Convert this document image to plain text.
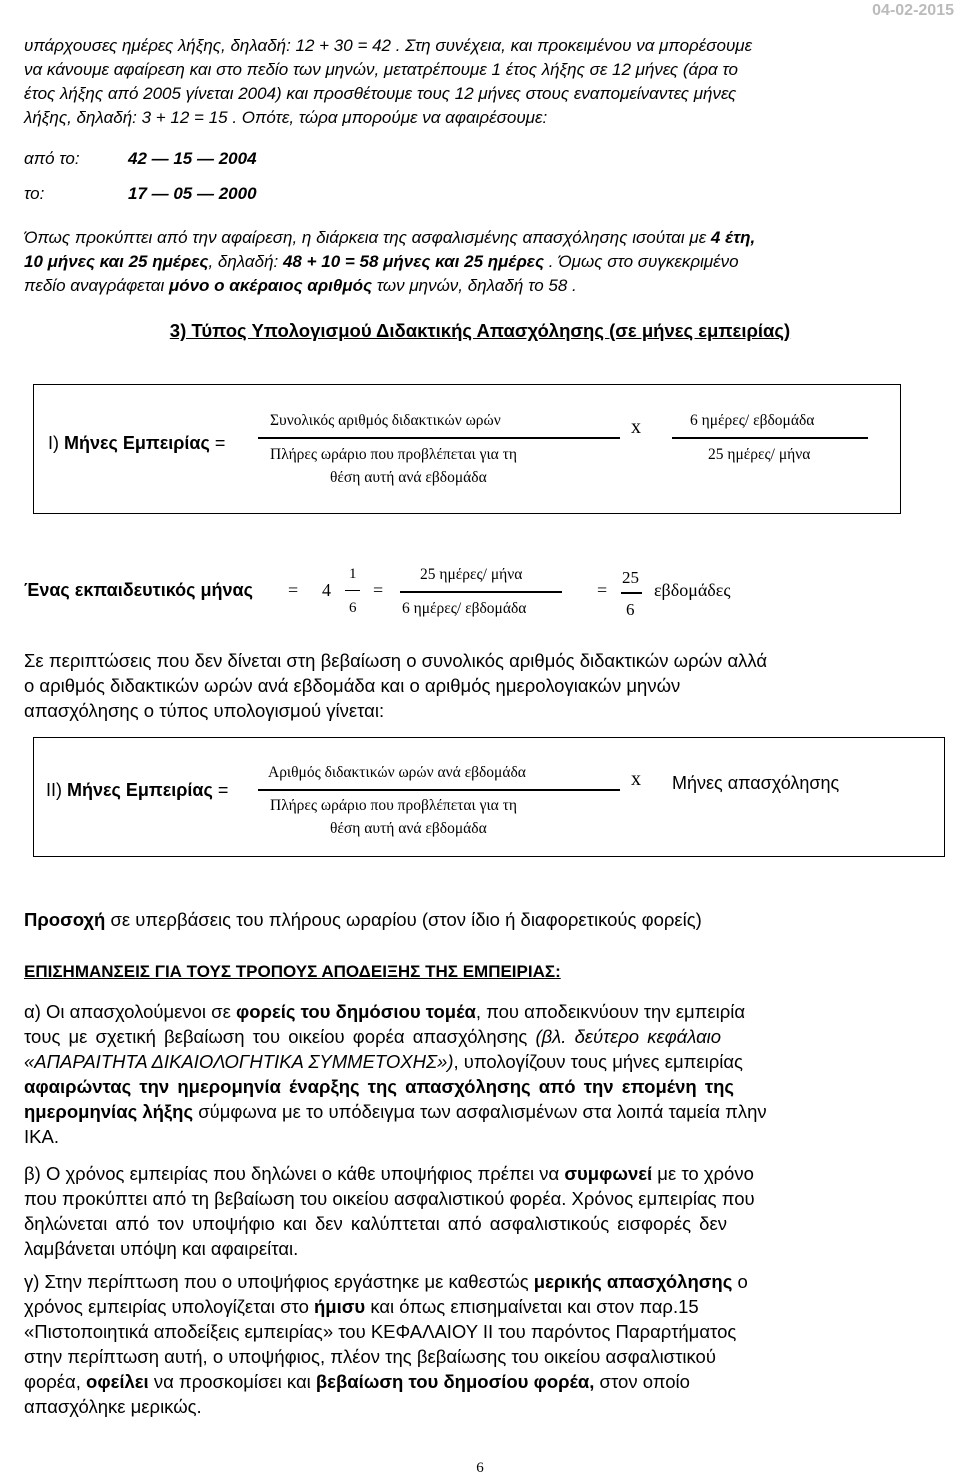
04-02-2015
υπάρχουσες ημέρες λήξης, δηλαδή: 12 + 30 = 42 . Στη συνέχεια, και προκειμένου να μπορέσουμε
να κάνουμε αφαίρεση και στο πεδίο των μηνών, μετατρέπουμε 1 έτος λήξης σε 12 μήνες (άρα το
έτος λήξης από 2005 γίνεται 2004) και προσθέτουμε τους 12 μήνες στους εναπομείναντες μήνες
λήξης, δηλαδή: 3 + 12 = 15 . Οπότε, τώρα μπορούμε να αφαιρέσουμε:
από το:	42 — 15 — 2004
το:	17 — 05 — 2000
Όπως προκύπτει από την αφαίρεση, η διάρκεια της ασφαλισμένης απασχόλησης ισούται με 4 έτη,
10 μήνες και 25 ημέρες, δηλαδή: 48 + 10 = 58 μήνες και 25 ημέρες . Όμως στο συγκεκριμένο
πεδίο αναγράφεται μόνο ο ακέραιος αριθμός των μηνών, δηλαδή το 58 .
3) Τύπος Υπολογισμού Διδακτικής Απασχόλησης (σε μήνες εμπειρίας)
Ι) Μήνες Εμπειρίας =
Συνολικός αριθμός διδακτικών ωρών
Πλήρες ωράριο που προβλέπεται για τη
θέση αυτή ανά εβδομάδα
x	6 ημέρες/ εβδομάδα
25 ημέρες/ μήνα
Ένας εκπαιδευτικός μήνας = 4
1
6
=
25 ημέρες/ μήνα
6 ημέρες/ εβδομάδα
=
25
6
εβδομάδες
Σε περιπτώσεις που δεν δίνεται στη βεβαίωση ο συνολικός αριθμός διδακτικών ωρών αλλά
ο αριθμός διδακτικών ωρών ανά εβδομάδα και ο αριθμός ημερολογιακών μηνών
απασχόλησης ο τύπος υπολογισμού γίνεται:
ΙΙ) Μήνες Εμπειρίας =
Αριθμός διδακτικών ωρών ανά εβδομάδα
Πλήρες ωράριο που προβλέπεται για τη
θέση αυτή ανά εβδομάδα
x Μήνες απασχόλησης
Προσοχή σε υπερβάσεις του πλήρους ωραρίου (στον ίδιο ή διαφορετικούς φορείς)
ΕΠΙΣΗΜΑΝΣΕΙΣ ΓΙΑ ΤΟΥΣ ΤΡΟΠΟΥΣ ΑΠΟΔΕΙΞΗΣ ΤΗΣ ΕΜΠΕΙΡΙΑΣ:
α) Οι απασχολούμενοι σε φορείς του δημόσιου τομέα, που αποδεικνύουν την εμπειρία
τους με σχετική βεβαίωση του οικείου φορέα απασχόλησης (βλ. δεύτερο κεφάλαιο
«ΑΠΑΡΑΙΤΗΤΑ ΔΙΚΑΙΟΛΟΓΗΤΙΚΑ ΣΥΜΜΕΤΟΧΗΣ»), υπολογίζουν τους μήνες εμπειρίας
αφαιρώντας την ημερομηνία έναρξης της απασχόλησης από την επομένη της
ημερομηνίας λήξης σύμφωνα με το υπόδειγμα των ασφαλισμένων στα λοιπά ταμεία πλην
ΙΚΑ.
β) Ο χρόνος εμπειρίας που δηλώνει ο κάθε υποψήφιος πρέπει να συμφωνεί με το χρόνο
που προκύπτει από τη βεβαίωση του οικείου ασφαλιστικού φορέα. Χρόνος εμπειρίας που
δηλώνεται από τον υποψήφιο και δεν καλύπτεται από ασφαλιστικούς εισφορές δεν
λαμβάνεται υπόψη και αφαιρείται.
γ) Στην περίπτωση που ο υποψήφιος εργάστηκε με καθεστώς μερικής απασχόλησης ο
χρόνος εμπειρίας υπολογίζεται στο ήμισυ και όπως επισημαίνεται και στον παρ.15
«Πιστοποιητικά αποδείξεις εμπειρίας» του ΚΕΦΑΛΑΙΟΥ ΙΙ του παρόντος Παραρτήματος
στην περίπτωση αυτή, ο υποψήφιος, πλέον της βεβαίωσης του οικείου ασφαλιστικού
φορέα, οφείλει να προσκομίσει και βεβαίωση του δημοσίου φορέα, στον οποίο
απασχόληκε μερικώς.
6
